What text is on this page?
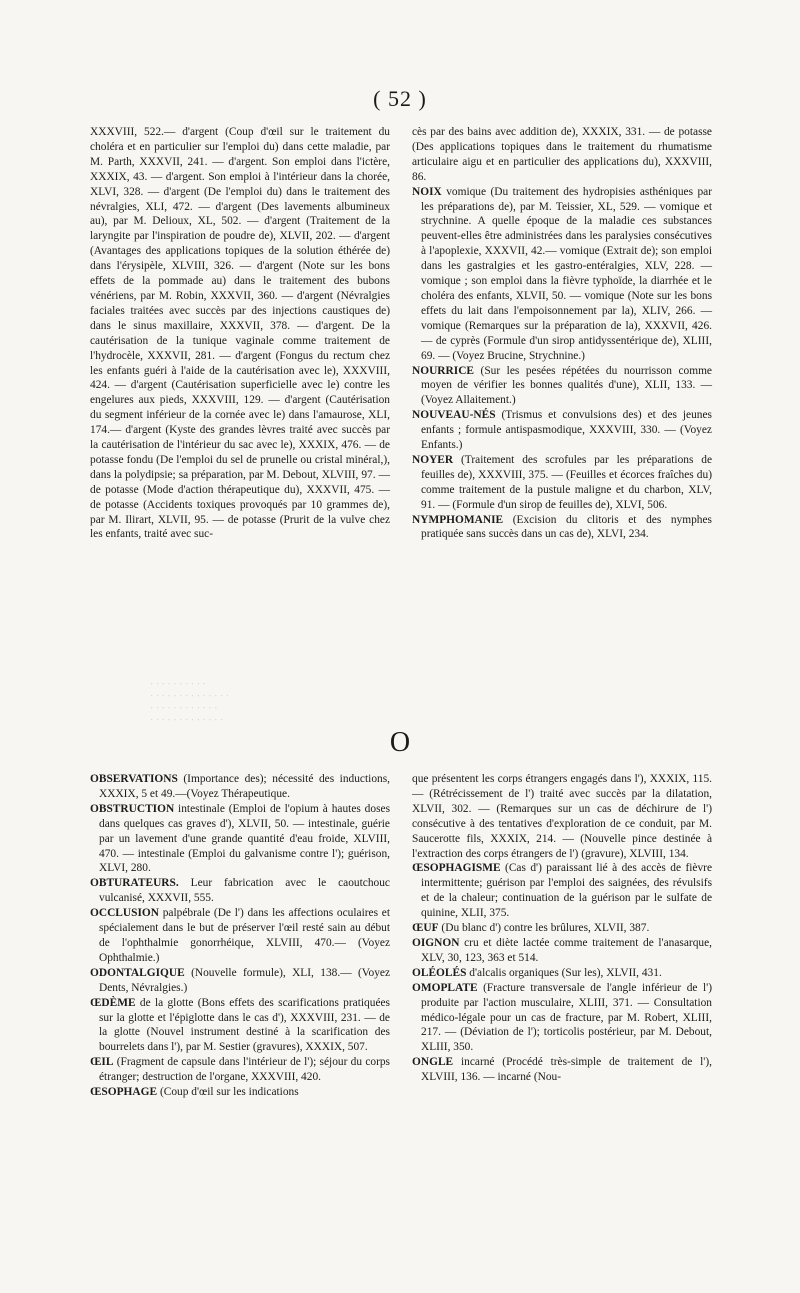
( 52 )

XXXVIII, 522.— d'argent (Coup d'œil sur le traitement du choléra et en particulier sur l'emploi du) dans cette maladie, par M. Parth, XXXVII, 241. — d'argent. Son emploi dans l'ictère, XXXIX, 43. — d'argent. Son emploi à l'intérieur dans la chorée, XLVI, 328. — d'argent (De l'emploi du) dans le traitement des névralgies, XLI, 472. — d'argent (Des lavements albumineux au), par M. Delioux, XL, 502. — d'argent (Traitement de la laryngite par l'inspiration de poudre de), XLVII, 202. — d'argent (Avantages des applications topiques de la solution éthérée de) dans l'érysipèle, XLVIII, 326. — d'argent (Note sur les bons effets de la pommade au) dans le traitement des bubons vénériens, par M. Robin, XXXVII, 360. — d'argent (Névralgies faciales traitées avec succès par des injections caustiques de) dans le sinus maxillaire, XXXVII, 378. — d'argent. De la cautérisation de la tunique vaginale comme traitement de l'hydrocèle, XXXVII, 281. — d'argent (Fongus du rectum chez les enfants guéri à l'aide de la cautérisation avec le), XXXVIII, 424. — d'argent (Cautérisation superficielle avec le) contre les engelures aux pieds, XXXVIII, 129. — d'argent (Cautérisation du segment inférieur de la cornée avec le) dans l'amaurose, XLI, 174.— d'argent (Kyste des grandes lèvres traité avec succès par la cautérisation de l'intérieur du sac avec le), XXXIX, 476. — de potasse fondu (De l'emploi du sel de prunelle ou cristal minéral,), dans la polydipsie; sa préparation, par M. Debout, XLVIII, 97. — de potasse (Mode d'action thérapeutique du), XXXVII, 475. — de potasse (Accidents toxiques provoqués par 10 grammes de), par M. Ilirart, XLVII, 95. — de potasse (Prurit de la vulve chez les enfants, traité avec suc-

cès par des bains avec addition de), XXXIX, 331. — de potasse (Des applications topiques dans le traitement du rhumatisme articulaire aigu et en particulier des applications du), XXXVIII, 86.

NOIX vomique (Du traitement des hydropisies asthéniques par les préparations de), par M. Teissier, XL, 529. — vomique et strychnine. A quelle époque de la maladie ces substances peuvent-elles être administrées dans les paralysies consécutives à l'apoplexie, XXXVII, 42.— vomique (Extrait de); son emploi dans les gastralgies et les gastro-entéralgies, XLV, 228. — vomique ; son emploi dans la fièvre typhoïde, la diarrhée et le choléra des enfants, XLVII, 50. — vomique (Note sur les bons effets du lait dans l'empoisonnement par la), XLIV, 266. — vomique (Remarques sur la préparation de la), XXXVII, 426. — de cyprès (Formule d'un sirop antidyssentérique de), XLIII, 69. — (Voyez Brucine, Strychnine.)

NOURRICE (Sur les pesées répétées du nourrisson comme moyen de vérifier les bonnes qualités d'une), XLII, 133. — (Voyez Allaitement.)

NOUVEAU-NÉS (Trismus et convulsions des) et des jeunes enfants ; formule antispasmodique, XXXVIII, 330. — (Voyez Enfants.)

NOYER (Traitement des scrofules par les préparations de feuilles de), XXXVIII, 375. — (Feuilles et écorces fraîches du) comme traitement de la pustule maligne et du charbon, XLV, 91. — (Formule d'un sirop de feuilles de), XLVI, 506.

NYMPHOMANIE (Excision du clitoris et des nymphes pratiquée sans succès dans un cas de), XLVI, 234.

· · · · · · · · · · · · ·
· · · · · · · · · · · ·
· · · · · · · · · · · · · ·
· · · · · · · · · ·
O

OBSERVATIONS (Importance des); nécessité des inductions, XXXIX, 5 et 49.—(Voyez Thérapeutique.

OBSTRUCTION intestinale (Emploi de l'opium à hautes doses dans quelques cas graves d'), XLVII, 50. — intestinale, guérie par un lavement d'une grande quantité d'eau froide, XLVIII, 470. — intestinale (Emploi du galvanisme contre l'); guérison, XLVI, 280.

OBTURATEURS. Leur fabrication avec le caoutchouc vulcanisé, XXXVII, 555.

OCCLUSION palpébrale (De l') dans les affections oculaires et spécialement dans le but de préserver l'œil resté sain au début de l'ophthalmie gonorrhéique, XLVIII, 470.— (Voyez Ophthalmie.)

ODONTALGIQUE (Nouvelle formule), XLI, 138.— (Voyez Dents, Névralgies.)

ŒDÈME de la glotte (Bons effets des scarifications pratiquées sur la glotte et l'épiglotte dans le cas d'), XXXVIII, 231. — de la glotte (Nouvel instrument destiné à la scarification des bourrelets dans l'), par M. Sestier (gravures), XXXIX, 507.

ŒIL (Fragment de capsule dans l'intérieur de l'); séjour du corps étranger; destruction de l'organe, XXXVIII, 420.

ŒSOPHAGE (Coup d'œil sur les indications

que présentent les corps étrangers engagés dans l'), XXXIX, 115.— (Rétrécissement de l') traité avec succès par la dilatation, XLVII, 302. — (Remarques sur un cas de déchirure de l') consécutive à des tentatives d'exploration de ce conduit, par M. Saucerotte fils, XXXIX, 214. — (Nouvelle pince destinée à l'extraction des corps étrangers de l') (gravure), XLVIII, 134.

ŒSOPHAGISME (Cas d') paraissant lié à des accès de fièvre intermittente; guérison par l'emploi des saignées, des révulsifs et de la chaleur; continuation de la guérison par le sulfate de quinine, XLII, 375.

ŒUF (Du blanc d') contre les brûlures, XLVII, 387.

OIGNON cru et diète lactée comme traitement de l'anasarque, XLV, 30, 123, 363 et 514.

OLÉOLÉS d'alcalis organiques (Sur les), XLVII, 431.

OMOPLATE (Fracture transversale de l'angle inférieur de l') produite par l'action musculaire, XLIII, 371. — Consultation médico-légale pour un cas de fracture, par M. Robert, XLIII, 217. — (Déviation de l'); torticolis postérieur, par M. Debout, XLIII, 350.

ONGLE incarné (Procédé très-simple de traitement de l'), XLVIII, 136. — incarné (Nou-
